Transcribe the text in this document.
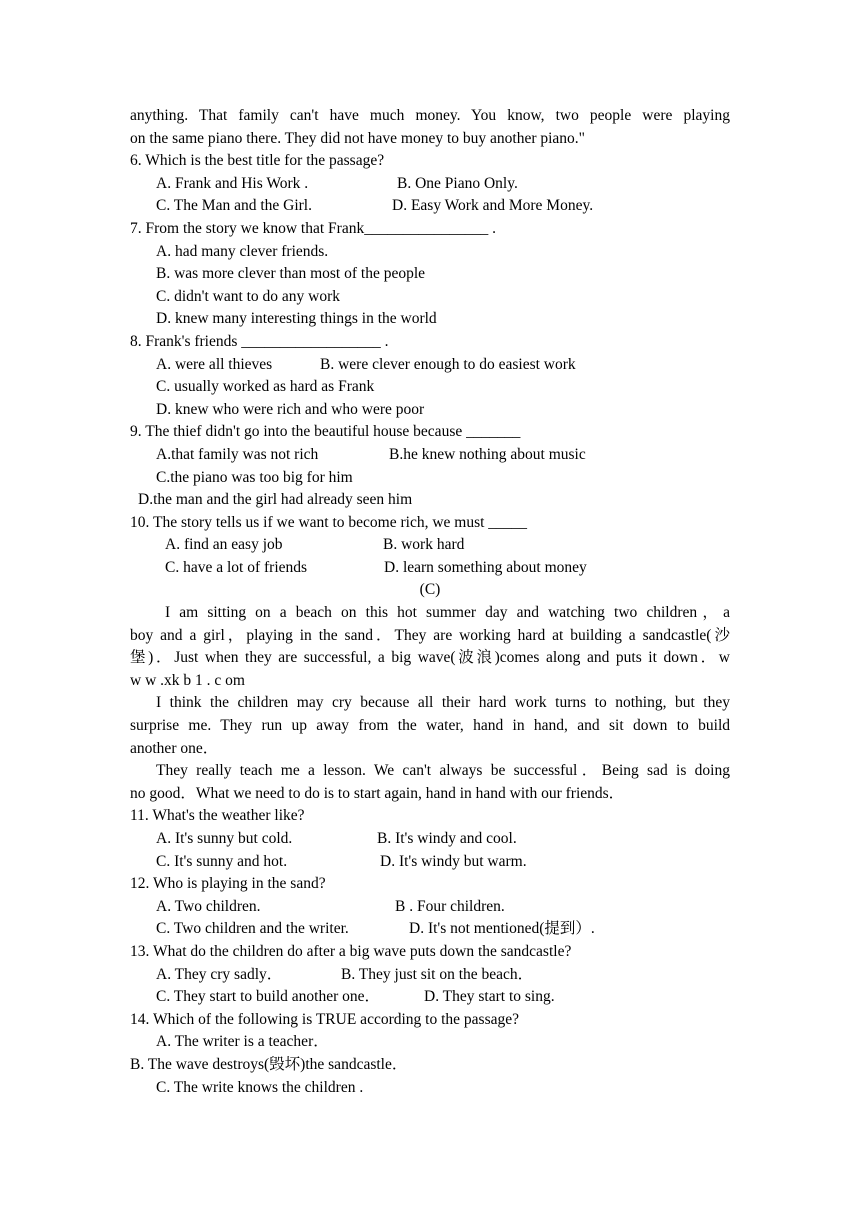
anything. That family can't have much money. You know, two people were playing
on the same piano there. They did not have money to buy another piano."
6. Which is the best title for the passage?
A. Frank and His Work .	B. One Piano Only.
C. The Man and the Girl.	D. Easy Work and More Money.
7. From the story we know that Frank________________ .
A. had many clever friends.
B. was more clever than most of the people
C. didn't want to do any work
D. knew many interesting things in the world
8. Frank's friends __________________ .
A. were all thieves	B. were clever enough to do easiest work
C. usually worked as hard as Frank
D. knew who were rich and who were poor
9. The thief didn't go into the beautiful house because _______
A.that family was not rich	B.he knew nothing about music
C.the piano was too big for him
D.the man and the girl had already seen him
10. The story tells us if we want to become rich, we must _____
A. find an easy job	B. work hard
C. have a lot of friends	D. learn something about money
(C)
I am sitting on a beach on this hot summer day and watching two children，a
boy and a girl，playing in the sand．They are working hard at building a sandcastle(沙
堡)．Just when they are successful, a big wave(波浪)comes along and puts it down．w
w w .xk b 1 . c om
I think the children may cry because all their hard work turns to nothing, but they
surprise me. They run up away from the water, hand in hand, and sit down to build
another one．
They really teach me a lesson. We can't always be successful．Being sad is doing
no good．What we need to do is to start again, hand in hand with our friends．
11. What's the weather like?
A. It's sunny but cold.	B. It's windy and cool.
C. It's sunny and hot.	D. It's windy but warm.
12. Who is playing in the sand?
A. Two children.	B . Four children.
C. Two children and the writer.	D. It's not mentioned(提到）.
13. What do the children do after a big wave puts down the sandcastle?
A. They cry sadly．	B. They just sit on the beach．
C. They start to build another one．	D. They start to sing.
14. Which of the following is TRUE according to the passage?
A. The writer is a teacher．
B. The wave destroys(毁坏)the sandcastle．
C. The write knows the children .
